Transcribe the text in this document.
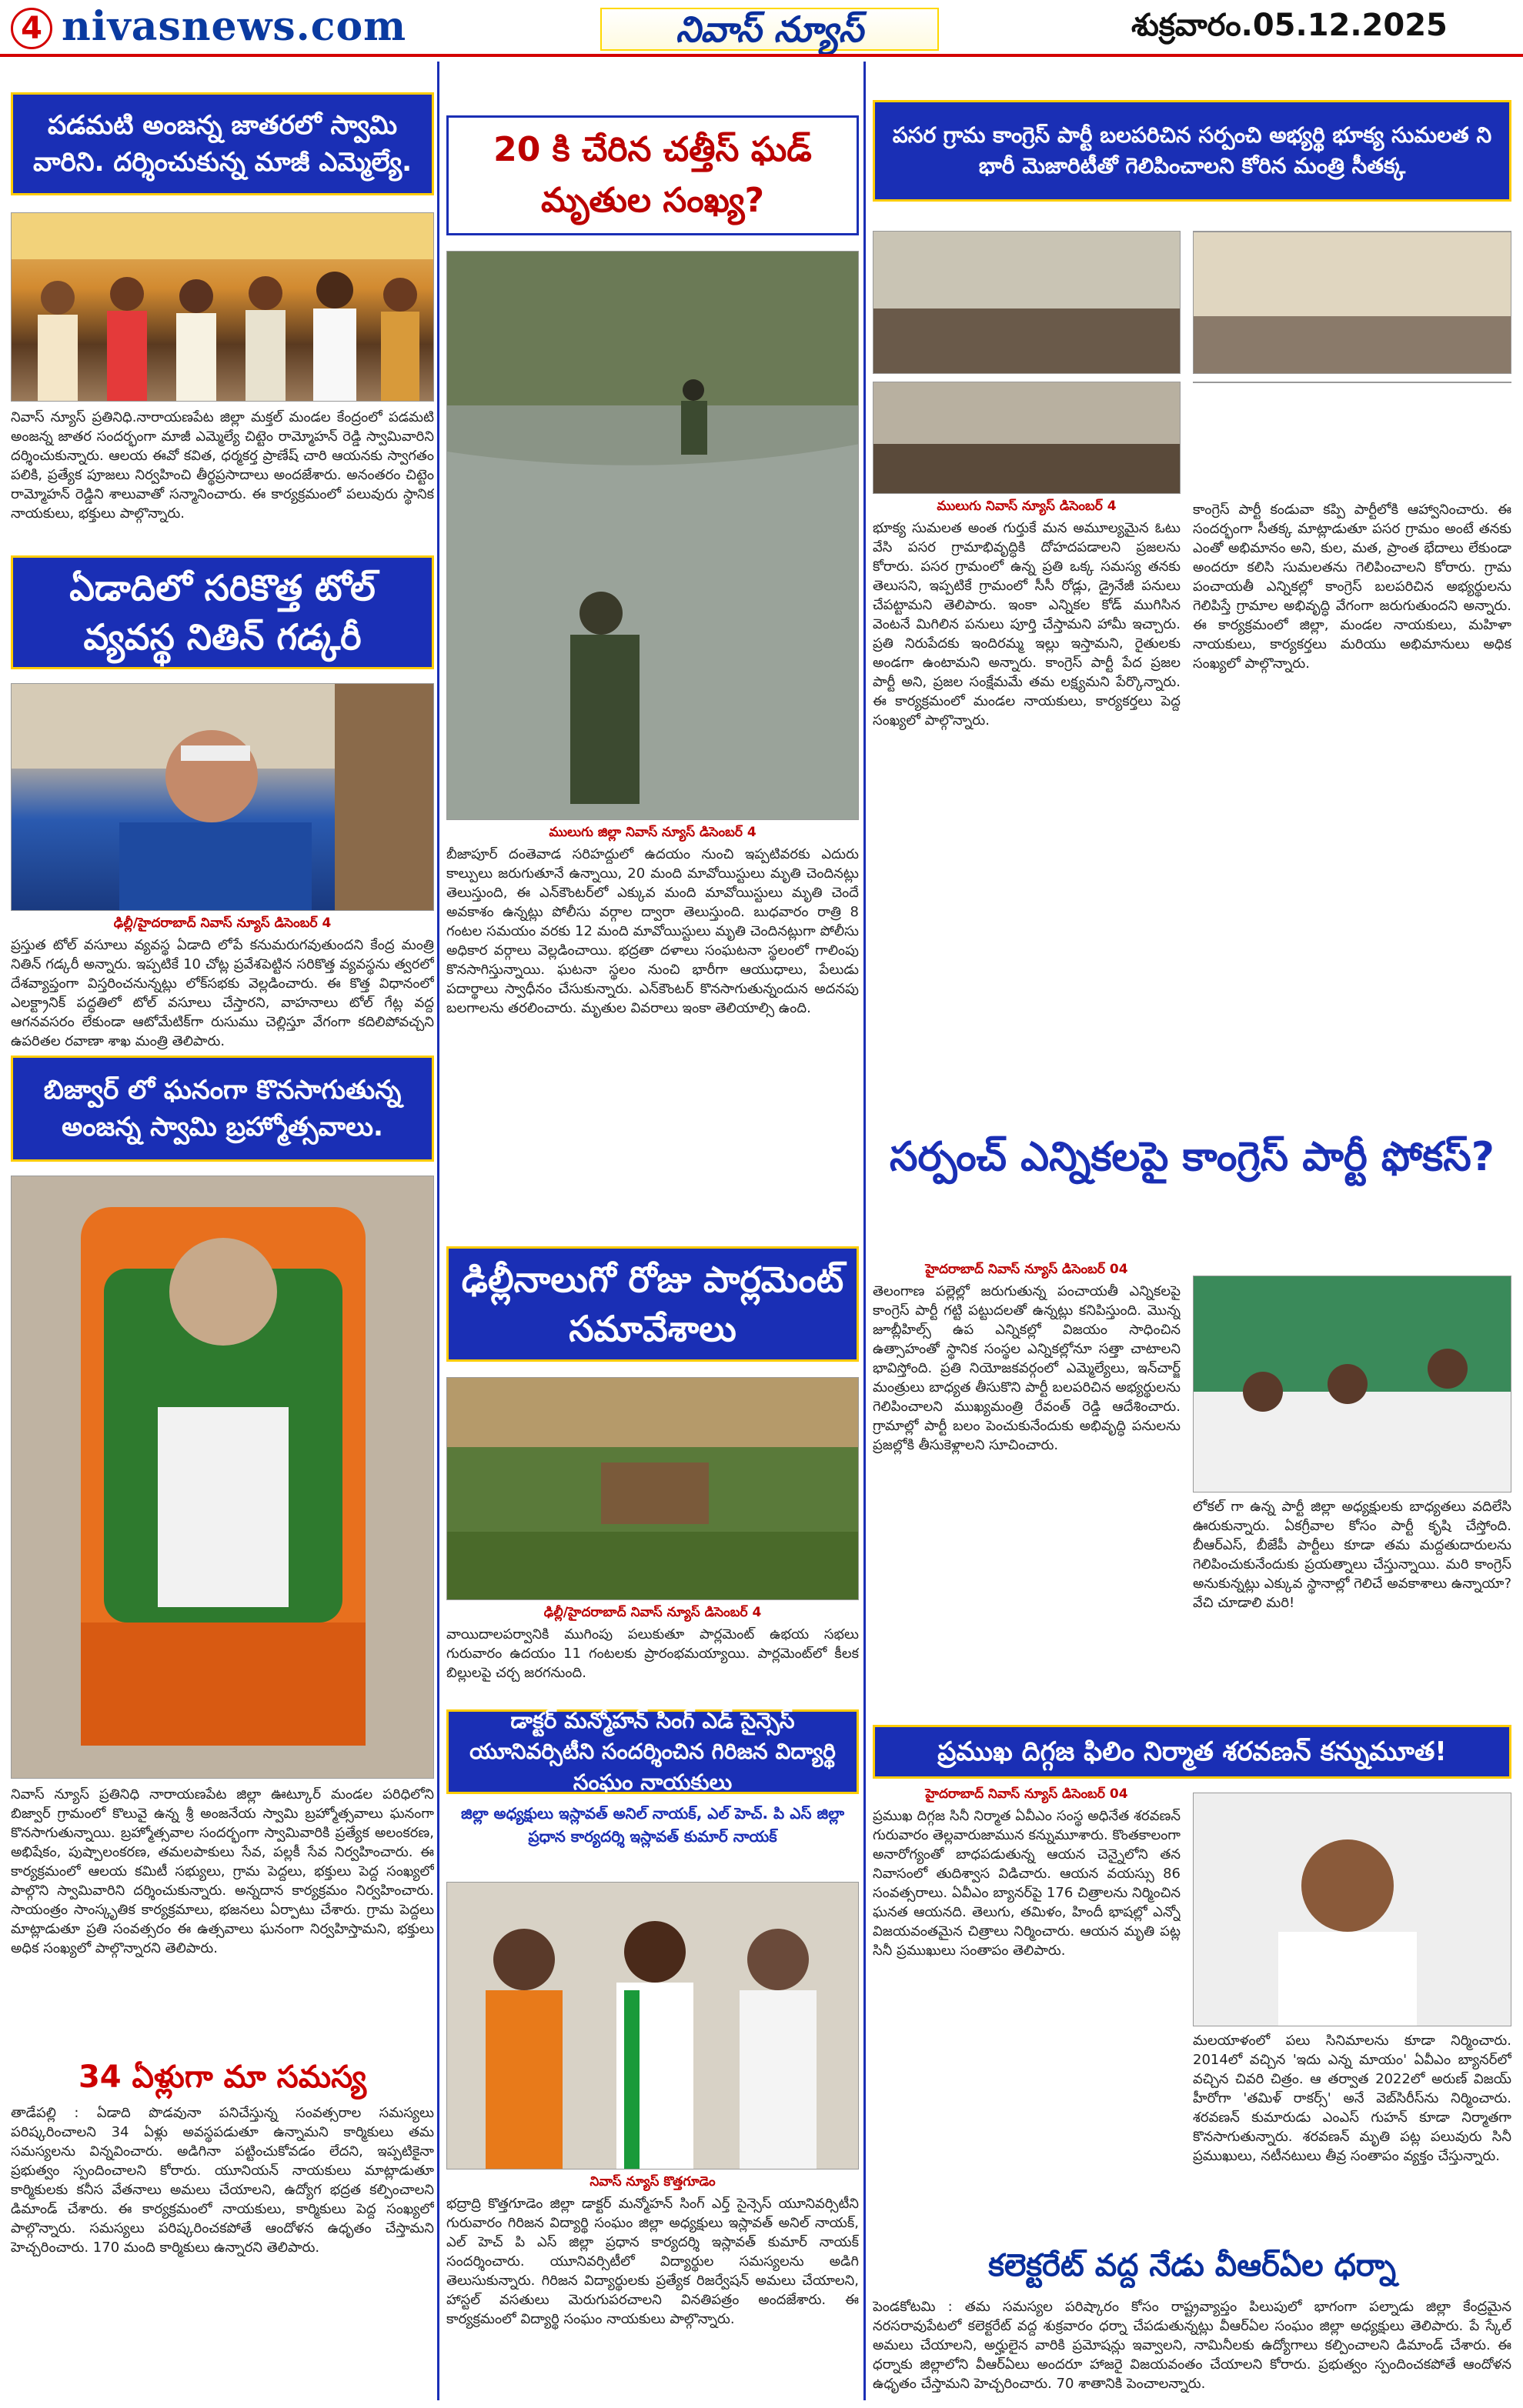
4 nivasnews.com	నివాస్ న్యూస్	శుక్రవారం.05.12.2025
పడమటి అంజన్న జాతరలో స్వామి వారిని. దర్శించుకున్న మాజీ ఎమ్మెల్యే.
నివాస్ న్యూస్ ప్రతినిధి.నారాయణపేట జిల్లా మక్తల్ మండల కేంద్రంలో పడమటి అంజన్న జాతర సందర్భంగా మాజీ ఎమ్మెల్యే చిట్టెం రామ్మోహన్ రెడ్డి స్వామివారిని దర్శించుకున్నారు. ఆలయ ఈవో కవిత, ధర్మకర్త ప్రాణేష్ చారి ఆయనకు స్వాగతం పలికి, ప్రత్యేక పూజలు నిర్వహించి తీర్థప్రసాదాలు అందజేశారు. అనంతరం చిట్టెం రామ్మోహన్ రెడ్డిని శాలువాతో సన్మానించారు. ఈ కార్యక్రమంలో పలువురు స్థానిక నాయకులు, భక్తులు పాల్గొన్నారు.
ఏడాదిలో సరికొత్త టోల్ వ్యవస్థ నితిన్ గడ్కరీ
ఢిల్లీ/హైదరాబాద్ నివాస్ న్యూస్ డిసెంబర్ 4
ప్రస్తుత టోల్ వసూలు వ్యవస్థ ఏడాది లోపే కనుమరుగవుతుందని కేంద్ర మంత్రి నితిన్ గడ్కరీ అన్నారు. ఇప్పటికే 10 చోట్ల ప్రవేశపెట్టిన సరికొత్త వ్యవస్థను త్వరలో దేశవ్యాప్తంగా విస్తరించనున్నట్లు లోక్‌సభకు వెల్లడించారు. ఈ కొత్త విధానంలో ఎలక్ట్రానిక్ పద్ధతిలో టోల్ వసూలు చేస్తారని, వాహనాలు టోల్ గేట్ల వద్ద ఆగనవసరం లేకుండా ఆటోమేటిక్‌గా రుసుము చెల్లిస్తూ వేగంగా కదిలిపోవచ్చని ఉపరితల రవాణా శాఖ మంత్రి తెలిపారు.
బిజ్వార్ లో ఘనంగా కొనసాగుతున్న అంజన్న స్వామి బ్రహ్మోత్సవాలు.
నివాస్ న్యూస్ ప్రతినిధి నారాయణపేట జిల్లా ఊట్కూర్ మండల పరిధిలోని బిజ్వార్ గ్రామంలో కొలువై ఉన్న శ్రీ అంజనేయ స్వామి బ్రహ్మోత్సవాలు ఘనంగా కొనసాగుతున్నాయి. బ్రహ్మోత్సవాల సందర్భంగా స్వామివారికి ప్రత్యేక అలంకరణ, అభిషేకం, పుష్పాలంకరణ, తమలపాకులు సేవ, పల్లకీ సేవ నిర్వహించారు. ఈ కార్యక్రమంలో ఆలయ కమిటీ సభ్యులు, గ్రామ పెద్దలు, భక్తులు పెద్ద సంఖ్యలో పాల్గొని స్వామివారిని దర్శించుకున్నారు. అన్నదాన కార్యక్రమం నిర్వహించారు. సాయంత్రం సాంస్కృతిక కార్యక్రమాలు, భజనలు ఏర్పాటు చేశారు. గ్రామ పెద్దలు మాట్లాడుతూ ప్రతి సంవత్సరం ఈ ఉత్సవాలు ఘనంగా నిర్వహిస్తామని, భక్తులు అధిక సంఖ్యలో పాల్గొన్నారని తెలిపారు.
34 ఏళ్లుగా మా సమస్య
తాడేపల్లి : ఏడాది పొడవునా పనిచేస్తున్న సంవత్సరాల సమస్యలు పరిష్కరించాలని 34 ఏళ్లు అవస్థపడుతూ ఉన్నామని కార్మికులు తమ సమస్యలను విన్నవించారు. అడిగినా పట్టించుకోవడం లేదని, ఇప్పటికైనా ప్రభుత్వం స్పందించాలని కోరారు. యూనియన్ నాయకులు మాట్లాడుతూ కార్మికులకు కనీస వేతనాలు అమలు చేయాలని, ఉద్యోగ భద్రత కల్పించాలని డిమాండ్ చేశారు. ఈ కార్యక్రమంలో నాయకులు, కార్మికులు పెద్ద సంఖ్యలో పాల్గొన్నారు. సమస్యలు పరిష్కరించకపోతే ఆందోళన ఉధృతం చేస్తామని హెచ్చరించారు. 170 మంది కార్మికులు ఉన్నారని తెలిపారు.
20 కి చేరిన చత్తీస్ ఘడ్ మృతుల సంఖ్య?
ములుగు జిల్లా నివాస్ న్యూస్ డిసెంబర్ 4
బీజాపూర్ దంతెవాడ సరిహద్దులో ఉదయం నుంచి ఇప్పటివరకు ఎదురు కాల్పులు జరుగుతూనే ఉన్నాయి, 20 మంది మావోయిస్టులు మృతి చెందినట్లు తెలుస్తుంది, ఈ ఎన్‌కౌంటర్‌లో ఎక్కువ మంది మావోయిస్టులు మృతి చెందే అవకాశం ఉన్నట్లు పోలీసు వర్గాల ద్వారా తెలుస్తుంది. బుధవారం రాత్రి 8 గంటల సమయం వరకు 12 మంది మావోయిస్టులు మృతి చెందినట్లుగా పోలీసు అధికార వర్గాలు వెల్లడించాయి. భద్రతా దళాలు సంఘటనా స్థలంలో గాలింపు కొనసాగిస్తున్నాయి. ఘటనా స్థలం నుంచి భారీగా ఆయుధాలు, పేలుడు పదార్థాలు స్వాధీనం చేసుకున్నారు. ఎన్‌కౌంటర్ కొనసాగుతున్నందున అదనపు బలగాలను తరలించారు. మృతుల వివరాలు ఇంకా తెలియాల్సి ఉంది.
ఢిల్లీనాలుగో రోజు పార్లమెంట్ సమావేశాలు
ఢిల్లీ/హైదరాబాద్ నివాస్ న్యూస్ డిసెంబర్ 4
వాయిదాలపర్వానికి ముగింపు పలుకుతూ పార్లమెంట్ ఉభయ సభలు గురువారం ఉదయం 11 గంటలకు ప్రారంభమయ్యాయి. పార్లమెంట్‌లో కీలక బిల్లులపై చర్చ జరగనుంది.
డాక్టర్ మన్మోహన్ సింగ్ ఎడ్ సైన్సెస్ యూనివర్సిటీని సందర్శించిన గిరిజన విద్యార్థి సంఘం నాయకులు
జిల్లా అధ్యక్షులు ఇస్లావత్ అనిల్ నాయక్, ఎల్ హెచ్. పి ఎస్ జిల్లా ప్రధాన కార్యదర్శి ఇస్లావత్ కుమార్ నాయక్
నివాస్ న్యూస్ కొత్తగూడెం
భద్రాద్రి కొత్తగూడెం జిల్లా డాక్టర్ మన్మోహన్ సింగ్ ఎర్త్ సైన్సెస్ యూనివర్సిటీని గురువారం గిరిజన విద్యార్థి సంఘం జిల్లా అధ్యక్షులు ఇస్లావత్ అనిల్ నాయక్, ఎల్ హెచ్ పి ఎస్ జిల్లా ప్రధాన కార్యదర్శి ఇస్లావత్ కుమార్ నాయక్ సందర్శించారు. యూనివర్సిటీలో విద్యార్థుల సమస్యలను అడిగి తెలుసుకున్నారు. గిరిజన విద్యార్థులకు ప్రత్యేక రిజర్వేషన్ అమలు చేయాలని, హాస్టల్ వసతులు మెరుగుపరచాలని వినతిపత్రం అందజేశారు. ఈ కార్యక్రమంలో విద్యార్థి సంఘం నాయకులు పాల్గొన్నారు.
పసర గ్రామ కాంగ్రెస్ పార్టీ బలపరిచిన సర్పంచి అభ్యర్థి భూక్య సుమలత ని భారీ మెజారిటీతో గెలిపించాలని కోరిన మంత్రి సీతక్క
ములుగు నివాస్ న్యూస్ డిసెంబర్ 4
భూక్య సుమలత అంత గుర్తుకే మన అమూల్యమైన ఓటు వేసి పసర గ్రామాభివృద్ధికి దోహదపడాలని ప్రజలను కోరారు. పసర గ్రామంలో ఉన్న ప్రతి ఒక్క సమస్య తనకు తెలుసని, ఇప్పటికే గ్రామంలో సీసీ రోడ్లు, డ్రైనేజీ పనులు చేపట్టామని తెలిపారు. ఇంకా ఎన్నికల కోడ్ ముగిసిన వెంటనే మిగిలిన పనులు పూర్తి చేస్తామని హామీ ఇచ్చారు. ప్రతి నిరుపేదకు ఇందిరమ్మ ఇల్లు ఇస్తామని, రైతులకు అండగా ఉంటామని అన్నారు. కాంగ్రెస్ పార్టీ పేద ప్రజల పార్టీ అని, ప్రజల సంక్షేమమే తమ లక్ష్యమని పేర్కొన్నారు. ఈ కార్యక్రమంలో మండల నాయకులు, కార్యకర్తలు పెద్ద సంఖ్యలో పాల్గొన్నారు.
కాంగ్రెస్ పార్టీ కండువా కప్పి పార్టీలోకి ఆహ్వానించారు. ఈ సందర్భంగా సీతక్క మాట్లాడుతూ పసర గ్రామం అంటే తనకు ఎంతో అభిమానం అని, కుల, మత, ప్రాంత భేదాలు లేకుండా అందరూ కలిసి సుమలతను గెలిపించాలని కోరారు. గ్రామ పంచాయతీ ఎన్నికల్లో కాంగ్రెస్ బలపరిచిన అభ్యర్థులను గెలిపిస్తే గ్రామాల అభివృద్ధి వేగంగా జరుగుతుందని అన్నారు. ఈ కార్యక్రమంలో జిల్లా, మండల నాయకులు, మహిళా నాయకులు, కార్యకర్తలు మరియు అభిమానులు అధిక సంఖ్యలో పాల్గొన్నారు.
సర్పంచ్ ఎన్నికలపై కాంగ్రెస్ పార్టీ ఫోకస్?
హైదరాబాద్ నివాస్ న్యూస్ డిసెంబర్ 04
తెలంగాణ పల్లెల్లో జరుగుతున్న పంచాయతీ ఎన్నికలపై కాంగ్రెస్ పార్టీ గట్టి పట్టుదలతో ఉన్నట్లు కనిపిస్తుంది. మొన్న జూబ్లీహిల్స్ ఉప ఎన్నికల్లో విజయం సాధించిన ఉత్సాహంతో స్థానిక సంస్థల ఎన్నికల్లోనూ సత్తా చాటాలని భావిస్తోంది. ప్రతి నియోజకవర్గంలో ఎమ్మెల్యేలు, ఇన్‌చార్జ్ మంత్రులు బాధ్యత తీసుకొని పార్టీ బలపరిచిన అభ్యర్థులను గెలిపించాలని ముఖ్యమంత్రి రేవంత్ రెడ్డి ఆదేశించారు. గ్రామాల్లో పార్టీ బలం పెంచుకునేందుకు అభివృద్ధి పనులను ప్రజల్లోకి తీసుకెళ్లాలని సూచించారు.
లోకల్ గా ఉన్న పార్టీ జిల్లా అధ్యక్షులకు బాధ్యతలు వదిలేసి ఊరుకున్నారు. ఏకగ్రీవాల కోసం పార్టీ కృషి చేస్తోంది. బీఆర్ఎస్, బీజేపీ పార్టీలు కూడా తమ మద్దతుదారులను గెలిపించుకునేందుకు ప్రయత్నాలు చేస్తున్నాయి. మరి కాంగ్రెస్ అనుకున్నట్లు ఎక్కువ స్థానాల్లో గెలిచే అవకాశాలు ఉన్నాయా? వేచి చూడాలి మరి!
ప్రముఖ దిగ్గజ ఫిలిం నిర్మాత శరవణన్ కన్నుమూత!
హైదరాబాద్ నివాస్ న్యూస్ డిసెంబర్ 04
ప్రముఖ దిగ్గజ సినీ నిర్మాత ఏవీఎం సంస్థ అధినేత శరవణన్ గురువారం తెల్లవారుజామున కన్నుమూశారు. కొంతకాలంగా అనారోగ్యంతో బాధపడుతున్న ఆయన చెన్నైలోని తన నివాసంలో తుదిశ్వాస విడిచారు. ఆయన వయస్సు 86 సంవత్సరాలు. ఏవీఎం బ్యానర్‌పై 176 చిత్రాలను నిర్మించిన ఘనత ఆయనది. తెలుగు, తమిళం, హిందీ భాషల్లో ఎన్నో విజయవంతమైన చిత్రాలు నిర్మించారు. ఆయన మృతి పట్ల సినీ ప్రముఖులు సంతాపం తెలిపారు.
మలయాళంలో పలు సినిమాలను కూడా నిర్మించారు. 2014లో వచ్చిన 'ఇదు ఎన్న మాయం' ఏవీఎం బ్యానర్‌లో వచ్చిన చివరి చిత్రం. ఆ తర్వాత 2022లో అరుణ్ విజయ్ హీరోగా 'తమిళ్ రాకర్స్' అనే వెబ్‌సిరీస్‌ను నిర్మించారు. శరవణన్ కుమారుడు ఎంఎస్ గుహన్ కూడా నిర్మాతగా కొనసాగుతున్నారు. శరవణన్ మృతి పట్ల పలువురు సినీ ప్రముఖులు, నటీనటులు తీవ్ర సంతాపం వ్యక్తం చేస్తున్నారు.
కలెక్టరేట్ వద్ద నేడు వీఆర్ఏల ధర్నా
పెండకోటమి : తమ సమస్యల పరిష్కారం కోసం రాష్ట్రవ్యాప్తం పిలుపులో భాగంగా పల్నాడు జిల్లా కేంద్రమైన నరసరావుపేటలో కలెక్టరేట్ వద్ద శుక్రవారం ధర్నా చేపడుతున్నట్లు వీఆర్ఏల సంఘం జిల్లా అధ్యక్షులు తెలిపారు. పే స్కేల్ అమలు చేయాలని, అర్హులైన వారికి ప్రమోషన్లు ఇవ్వాలని, నామినీలకు ఉద్యోగాలు కల్పించాలని డిమాండ్ చేశారు. ఈ ధర్నాకు జిల్లాలోని వీఆర్ఏలు అందరూ హాజరై విజయవంతం చేయాలని కోరారు. ప్రభుత్వం స్పందించకపోతే ఆందోళన ఉధృతం చేస్తామని హెచ్చరించారు. 70 శాతానికి పెంచాలన్నారు.
